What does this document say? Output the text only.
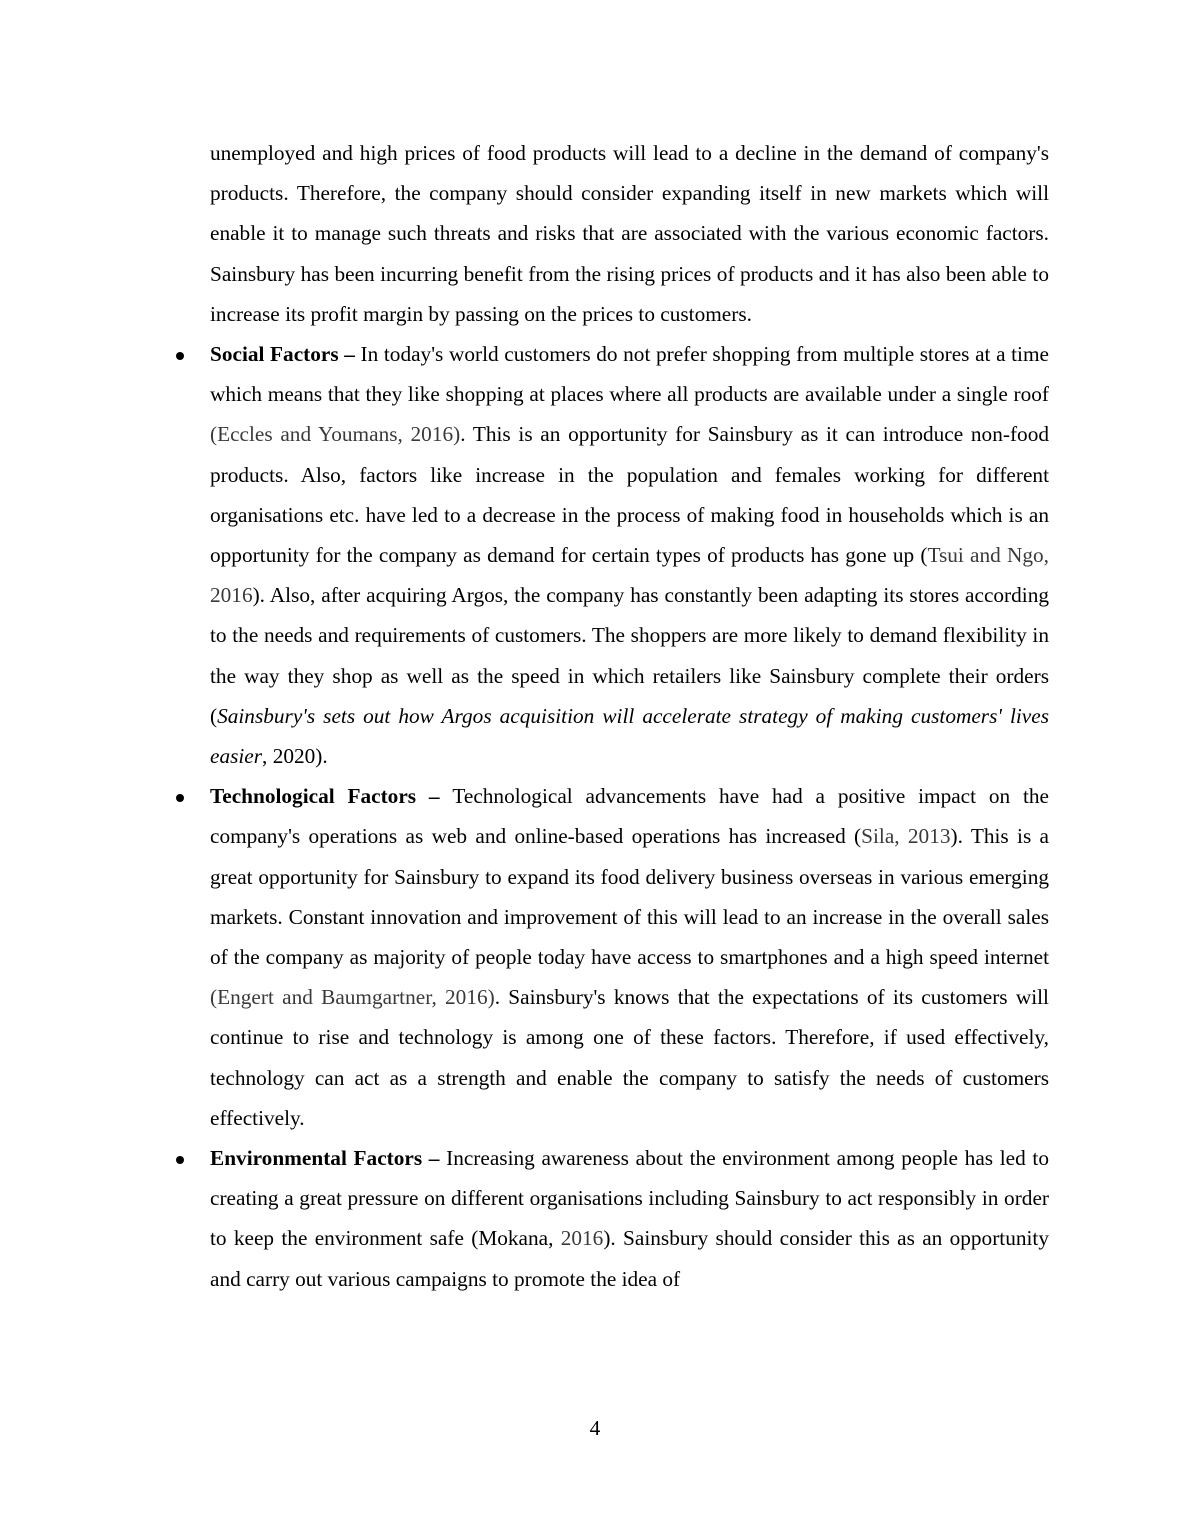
unemployed and high prices of food products will lead to a decline in the demand of company's products. Therefore, the company should consider expanding itself in new markets which will enable it to manage such threats and risks that are associated with the various economic factors. Sainsbury has been incurring benefit from the rising prices of products and it has also been able to increase its profit margin by passing on the prices to customers.

Social Factors – In today's world customers do not prefer shopping from multiple stores at a time which means that they like shopping at places where all products are available under a single roof (Eccles and Youmans, 2016). This is an opportunity for Sainsbury as it can introduce non-food products. Also, factors like increase in the population and females working for different organisations etc. have led to a decrease in the process of making food in households which is an opportunity for the company as demand for certain types of products has gone up (Tsui and Ngo, 2016). Also, after acquiring Argos, the company has constantly been adapting its stores according to the needs and requirements of customers. The shoppers are more likely to demand flexibility in the way they shop as well as the speed in which retailers like Sainsbury complete their orders (Sainsbury's sets out how Argos acquisition will accelerate strategy of making customers' lives easier, 2020).

Technological Factors – Technological advancements have had a positive impact on the company's operations as web and online-based operations has increased (Sila, 2013). This is a great opportunity for Sainsbury to expand its food delivery business overseas in various emerging markets. Constant innovation and improvement of this will lead to an increase in the overall sales of the company as majority of people today have access to smartphones and a high speed internet (Engert and Baumgartner, 2016). Sainsbury's knows that the expectations of its customers will continue to rise and technology is among one of these factors. Therefore, if used effectively, technology can act as a strength and enable the company to satisfy the needs of customers effectively.

Environmental Factors – Increasing awareness about the environment among people has led to creating a great pressure on different organisations including Sainsbury to act responsibly in order to keep the environment safe (Mokana, 2016). Sainsbury should consider this as an opportunity and carry out various campaigns to promote the idea of

4
